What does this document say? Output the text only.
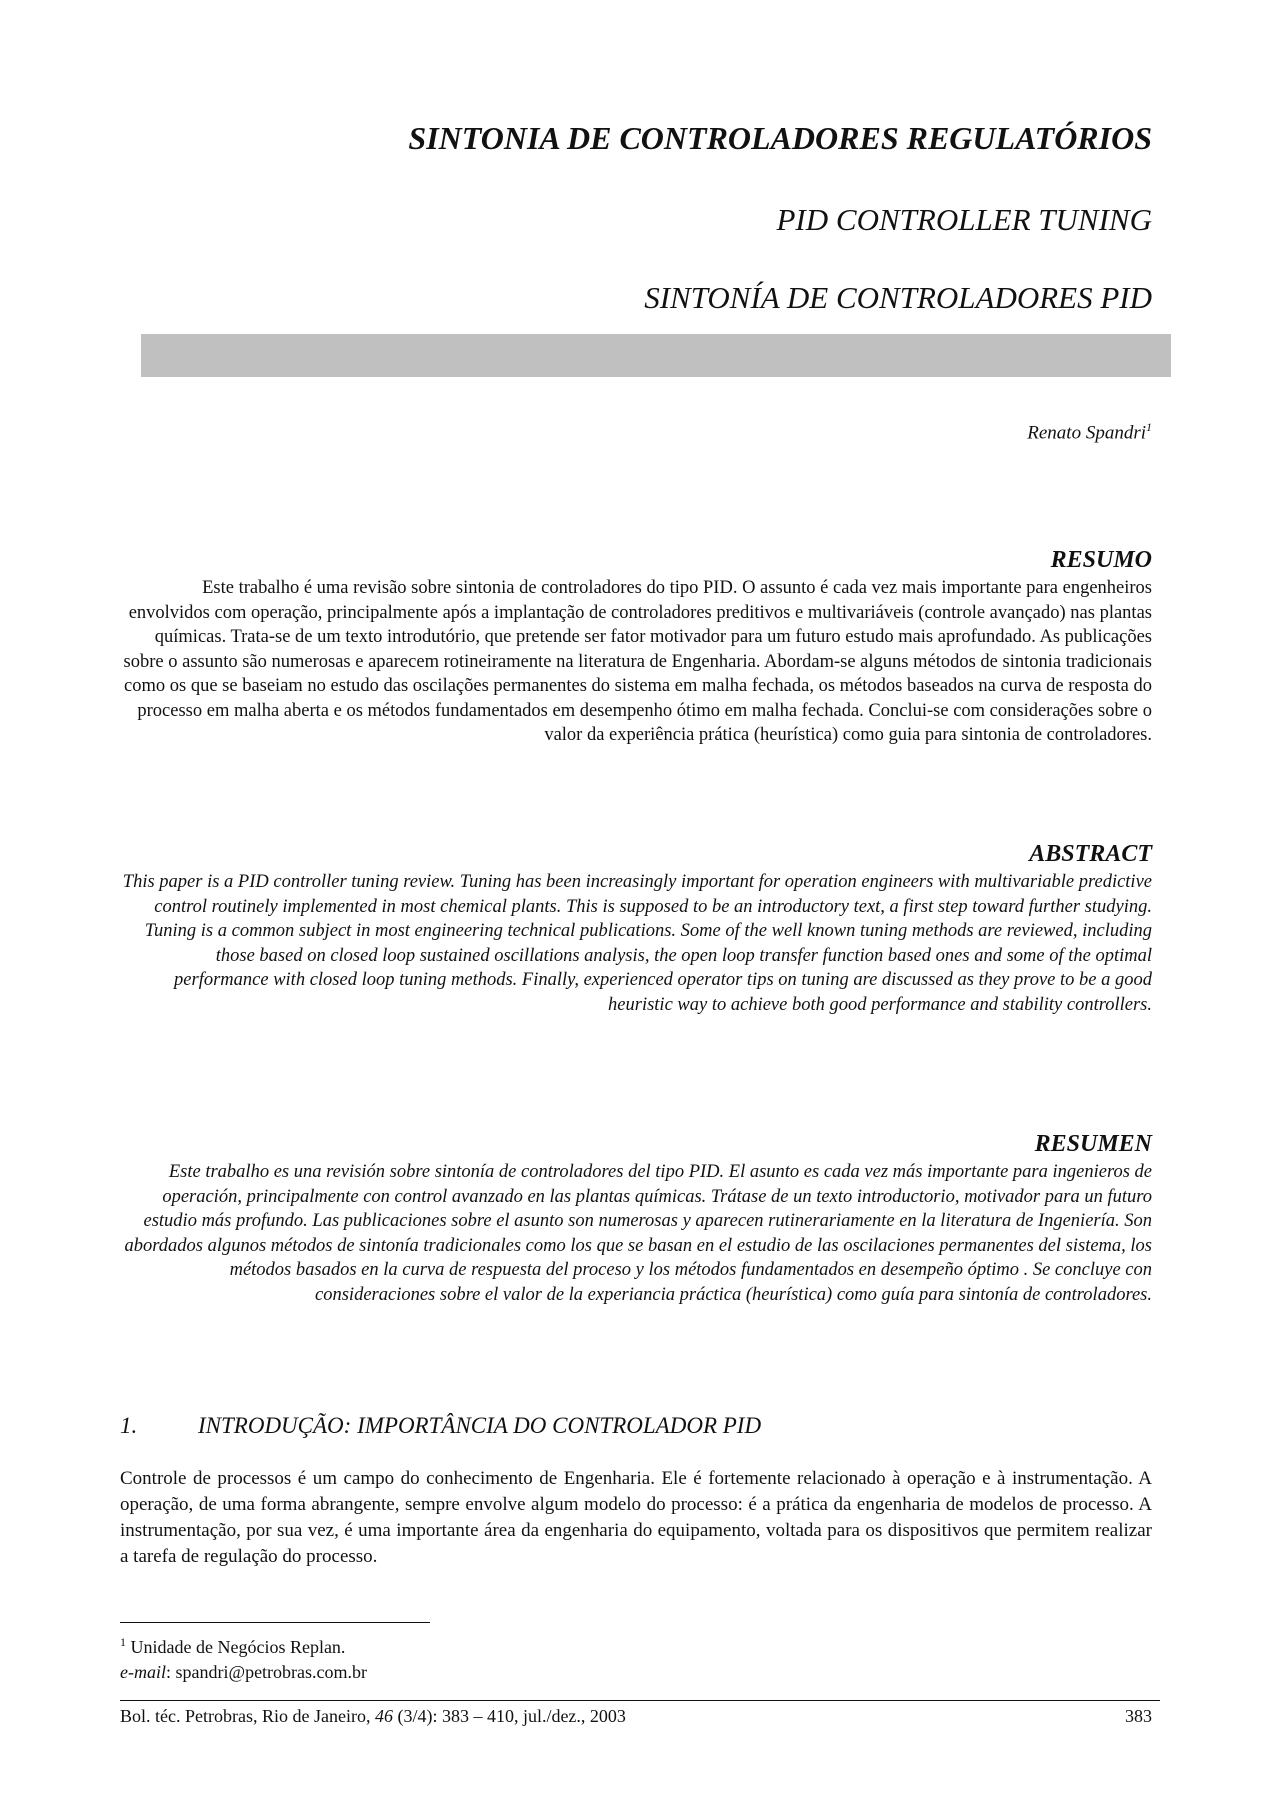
SINTONIA DE CONTROLADORES REGULATÓRIOS
PID CONTROLLER TUNING
SINTONÍA DE CONTROLADORES PID
Renato Spandri$^1$
RESUMO

Este trabalho é uma revisão sobre sintonia de controladores do tipo PID. O assunto é cada vez mais importante para engenheiros envolvidos com operação, principalmente após a implantação de controladores preditivos e multivariáveis (controle avançado) nas plantas químicas. Trata-se de um texto introdutório, que pretende ser fator motivador para um futuro estudo mais aprofundado. As publicações sobre o assunto são numerosas e aparecem rotineiramente na literatura de Engenharia. Abordam-se alguns métodos de sintonia tradicionais como os que se baseiam no estudo das oscilações permanentes do sistema em malha fechada, os métodos baseados na curva de resposta do processo em malha aberta e os métodos fundamentados em desempenho ótimo em malha fechada. Conclui-se com considerações sobre o valor da experiência prática (heurística) como guia para sintonia de controladores.

ABSTRACT

This paper is a PID controller tuning review. Tuning has been increasingly important for operation engineers with multivariable predictive control routinely implemented in most chemical plants. This is supposed to be an introductory text, a first step toward further studying. Tuning is a common subject in most engineering technical publications. Some of the well known tuning methods are reviewed, including those based on closed loop sustained oscillations analysis, the open loop transfer function based ones and some of the optimal performance with closed loop tuning methods. Finally, experienced operator tips on tuning are discussed as they prove to be a good heuristic way to achieve both good performance and stability controllers.

RESUMEN

Este trabalho es una revisión sobre sintonía de controladores del tipo PID. El asunto es cada vez más importante para ingenieros de operación, principalmente con control avanzado en las plantas químicas. Trátase de un texto introductorio, motivador para un futuro estudio más profundo. Las publicaciones sobre el asunto son numerosas y aparecen rutinerariamente en la literatura de Ingeniería. Son abordados algunos métodos de sintonía tradicionales como los que se basan en el estudio de las oscilaciones permanentes del sistema, los métodos basados en la curva de respuesta del proceso y los métodos fundamentados en desempeño óptimo . Se concluye con consideraciones sobre el valor de la experiancia práctica (heurística) como guía para sintonía de controladores.

1.	INTRODUÇÃO: IMPORTÂNCIA DO CONTROLADOR PID

Controle de processos é um campo do conhecimento de Engenharia. Ele é fortemente relacionado à operação e à instrumentação. A operação, de uma forma abrangente, sempre envolve algum modelo do processo: é a prática da engenharia de modelos de processo. A instrumentação, por sua vez, é uma importante área da engenharia do equipamento, voltada para os dispositivos que permitem realizar a tarefa de regulação do processo.

$^1$ Unidade de Negócios Replan.
e-mail: spandri@petrobras.com.br
Bol. téc. Petrobras, Rio de Janeiro, 46 (3/4): 383 – 410, jul./dez., 2003	383
